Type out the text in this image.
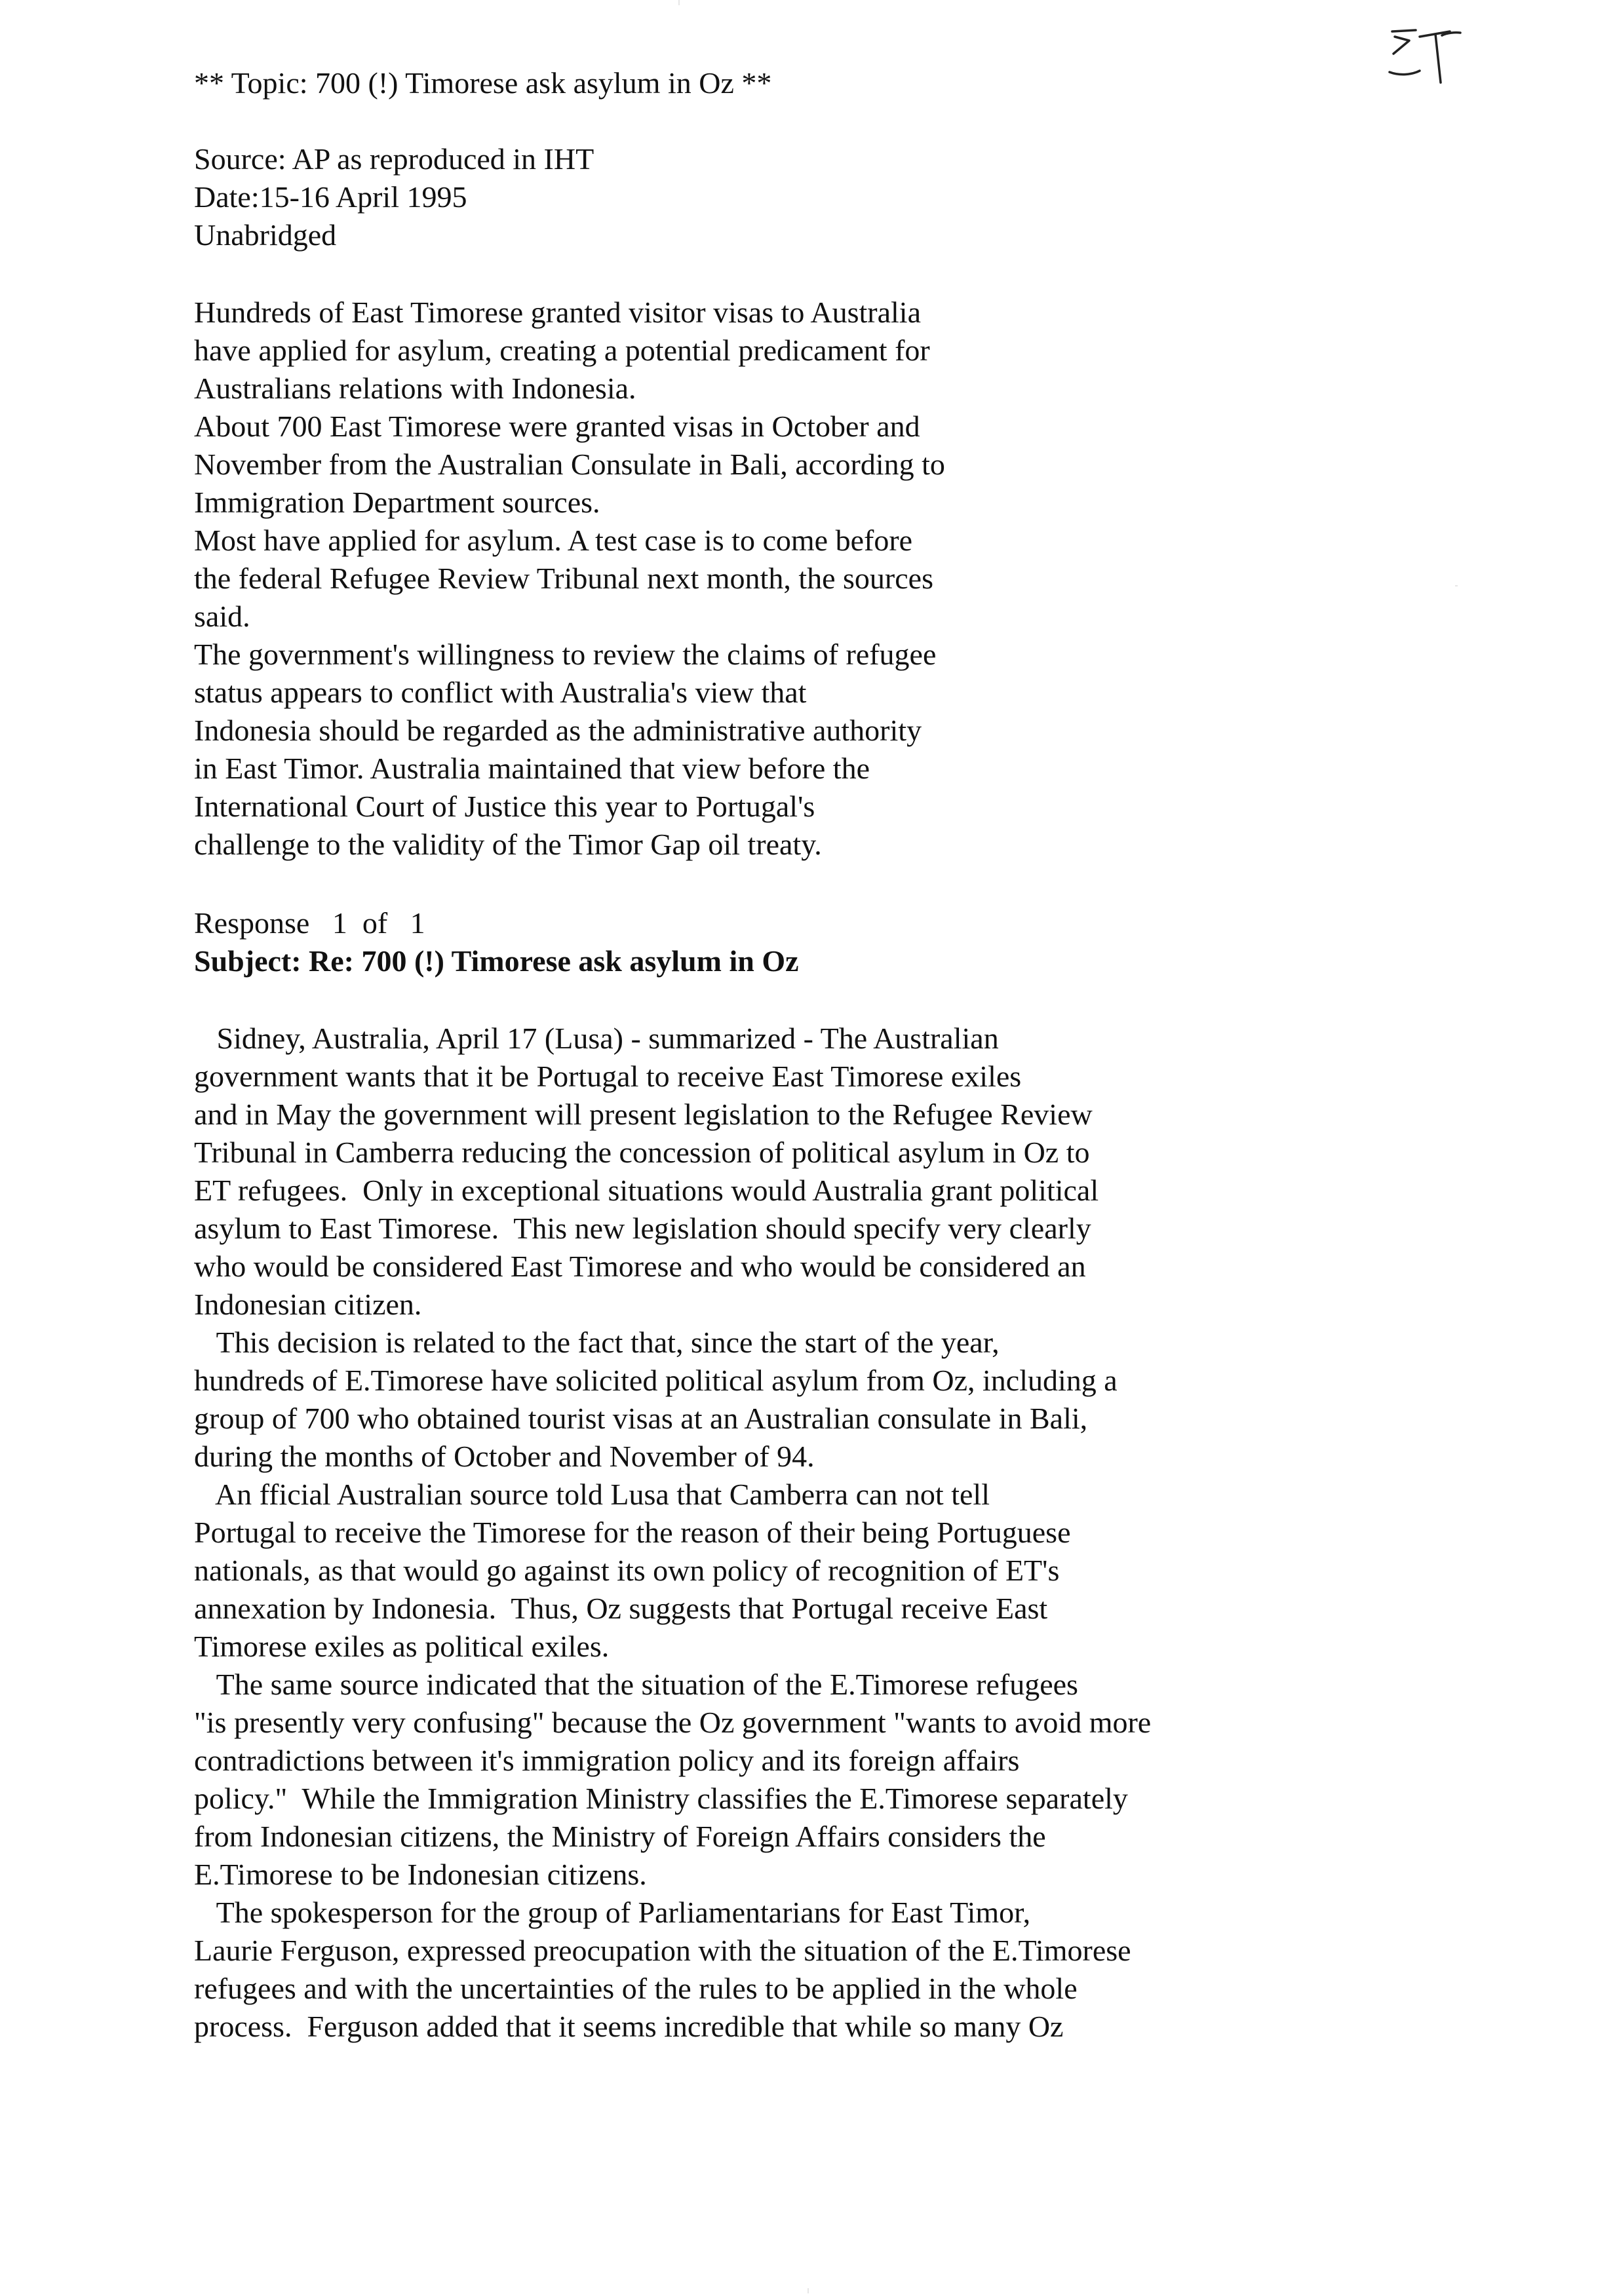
** Topic: 700 (!) Timorese ask asylum in Oz **
Source: AP as reproduced in IHT
Date:15-16 April 1995
Unabridged
Hundreds of East Timorese granted visitor visas to Australia
have applied for asylum, creating a potential predicament for
Australians relations with Indonesia.
About 700 East Timorese were granted visas in October and
November from the Australian Consulate in Bali, according to
Immigration Department sources.
Most have applied for asylum. A test case is to come before
the federal Refugee Review Tribunal next month, the sources
said.
The government's willingness to review the claims of refugee
status appears to conflict with Australia's view that
Indonesia should be regarded as the administrative authority
in East Timor. Australia maintained that view before the
International Court of Justice this year to Portugal's
challenge to the validity of the Timor Gap oil treaty.
Response   1  of   1
Subject: Re: 700 (!) Timorese ask asylum in Oz
Sidney, Australia, April 17 (Lusa) - summarized - The Australian
government wants that it be Portugal to receive East Timorese exiles
and in May the government will present legislation to the Refugee Review
Tribunal in Camberra reducing the concession of political asylum in Oz to
ET refugees.  Only in exceptional situations would Australia grant political
asylum to East Timorese.  This new legislation should specify very clearly
who would be considered East Timorese and who would be considered an
Indonesian citizen.
This decision is related to the fact that, since the start of the year,
hundreds of E.Timorese have solicited political asylum from Oz, including a
group of 700 who obtained tourist visas at an Australian consulate in Bali,
during the months of October and November of 94.
An fficial Australian source told Lusa that Camberra can not tell
Portugal to receive the Timorese for the reason of their being Portuguese
nationals, as that would go against its own policy of recognition of ET's
annexation by Indonesia.  Thus, Oz suggests that Portugal receive East
Timorese exiles as political exiles.
The same source indicated that the situation of the E.Timorese refugees
"is presently very confusing" because the Oz government "wants to avoid more
contradictions between it's immigration policy and its foreign affairs
policy."  While the Immigration Ministry classifies the E.Timorese separately
from Indonesian citizens, the Ministry of Foreign Affairs considers the
E.Timorese to be Indonesian citizens.
The spokesperson for the group of Parliamentarians for East Timor,
Laurie Ferguson, expressed preocupation with the situation of the E.Timorese
refugees and with the uncertainties of the rules to be applied in the whole
process.  Ferguson added that it seems incredible that while so many Oz
